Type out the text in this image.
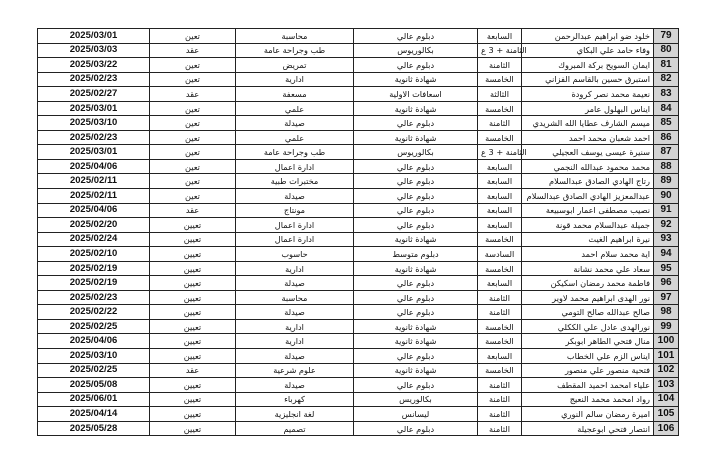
2025/03/01	تعين	محاسبة	دبلوم عالي	السابعة	خلود ضو ابراهيم عبدالرحمن	79
2025/03/03	عقد	طب وجراحة عامة	بكالوريوس	الثامنة + 3 ع	وفاء حامد علي البكاي	80
2025/03/22	تعين	تمريض	دبلوم عالي	الثامنة	ايمان السويح بركة المبروك	81
2025/02/23	تعين	ادارية	شهادة ثانوية	الخامسة	استبرق حسين بالقاسم الفزاني	82
2025/02/27	عقد	مسعفة	اسعافات الاولية	الثالثة	نعيمة محمد نصر كرودة	83
2025/03/01	تعين	علمي	شهادة ثانوية	الخامسة	ايناس البهلول عامر	84
2025/03/10	تعين	صيدلة	دبلوم عالي	الثامنة	ميسم الشارف عطايا الله الشريدي	85
2025/02/23	تعين	علمي	شهادة ثانوية	الخامسة	احمد شعبان محمد احمد	86
2025/03/01	تعين	طب وجراحة عامة	بكالوريوس	الثامنة + 3 ع	سنيرة عيسى يوسف العجيلي	87
2025/04/06	تعين	ادارة اعمال	دبلوم عالي	السابعة	محمد محمود عبدالله النجمي	88
2025/02/11	تعين	مختبرات طبية	دبلوم عالي	السابعة	رتاج الهادي الصادق عبدالسلام	89
2025/02/11	تعين	صيدلة	دبلوم عالي	السابعة	عبدالمعزيز الهادي الصادق عبدالسلام	90
2025/04/06	عقد	مونتاج	دبلوم عالي	السابعة	نصيب مصطفى اعمار ابوسبيعة	91
2025/02/20	تعيين	ادارة اعمال	دبلوم عالي	السابعة	جميلة عبدالسلام محمد قونة	92
2025/02/24	تعيين	ادارة اعمال	شهادة ثانوية	الخامسة	نيرة ابراهيم الغيث	93
2025/02/10	تعيين	حاسوب	دبلوم متوسط	السادسة	اية محمد سلام احمد	94
2025/02/19	تعيين	ادارية	شهادة ثانوية	الخامسة	سعاد علي محمد نشانة	95
2025/02/19	تعيين	صيدلة	دبلوم عالي	السابعة	فاطمة محمد رمضان اسكيكن	96
2025/02/23	تعيين	محاسبة	دبلوم عالي	الثامنة	نور الهدى ابراهيم محمد لاوير	97
2025/02/22	تعيين	صيدلة	دبلوم عالي	الثامنة	صالح عبدالله صالح التومي	98
2025/02/25	تعيين	ادارية	شهادة ثانوية	الخامسة	نورالهدى عادل علي الككلي	99
2025/04/06	تعيين	ادارية	شهادة ثانوية	الخامسة	منال فتحي الطاهر ابوبكر	100
2025/03/10	تعيين	صيدلة	دبلوم عالي	السابعة	ايناس الزم علي الخطاب	101
2025/02/25	عقد	علوم شرعية	شهادة ثانوية	الخامسة	فتحية منصور علي منصور	102
2025/05/08	تعيين	صيدلة	دبلوم عالي	الثامنة	علياء امحمد احميد المقطف	103
2025/06/01	تعيين	كهرباء	بكالوريس	الثامنة	رواد امحمد محمد النعيج	104
2025/04/14	تعيين	لغة انجليزية	ليسانس	الثامنة	اميرة رمضان سالم النوري	105
2025/05/28	تعيين	تصميم	دبلوم عالي	الثامنة	انتصار فتحي ابوعجيلة	106
